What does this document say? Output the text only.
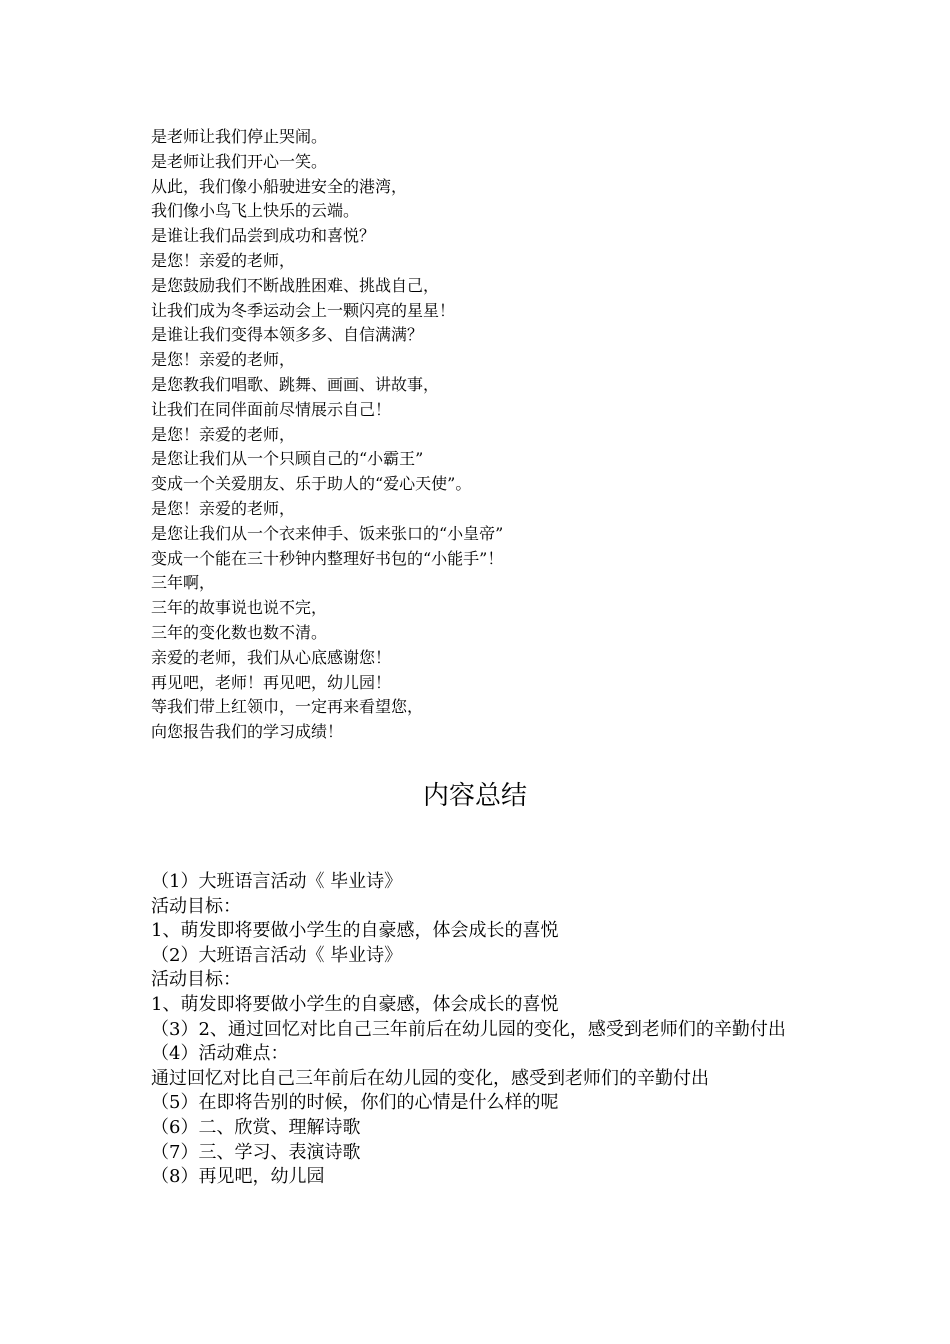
是老师让我们停止哭闹。
是老师让我们开心一笑。
从此，我们像小船驶进安全的港湾，
我们像小鸟飞上快乐的云端。
是谁让我们品尝到成功和喜悦？
是您！亲爱的老师，
是您鼓励我们不断战胜困难、挑战自己，
让我们成为冬季运动会上一颗闪亮的星星！
是谁让我们变得本领多多、自信满满？
是您！亲爱的老师，
是您教我们唱歌、跳舞、画画、讲故事，
让我们在同伴面前尽情展示自己！
是您！亲爱的老师，
是您让我们从一个只顾自己的“小霸王”
变成一个关爱朋友、乐于助人的“爱心天使”。
是您！亲爱的老师，
是您让我们从一个衣来伸手、饭来张口的“小皇帝”
变成一个能在三十秒钟内整理好书包的“小能手”！
三年啊，
三年的故事说也说不完，
三年的变化数也数不清。
亲爱的老师，我们从心底感谢您！
再见吧，老师！再见吧，幼儿园！
等我们带上红领巾，一定再来看望您，
向您报告我们的学习成绩！
内容总结
（1）大班语言活动《 毕业诗》
活动目标：
1、萌发即将要做小学生的自豪感，体会成长的喜悦
（2）大班语言活动《 毕业诗》
活动目标：
1、萌发即将要做小学生的自豪感，体会成长的喜悦
（3）2、通过回忆对比自己三年前后在幼儿园的变化，感受到老师们的辛勤付出
（4）活动难点：
通过回忆对比自己三年前后在幼儿园的变化，感受到老师们的辛勤付出
（5）在即将告别的时候，你们的心情是什么样的呢
（6）二、欣赏、理解诗歌
（7）三、学习、表演诗歌
（8）再见吧，幼儿园
